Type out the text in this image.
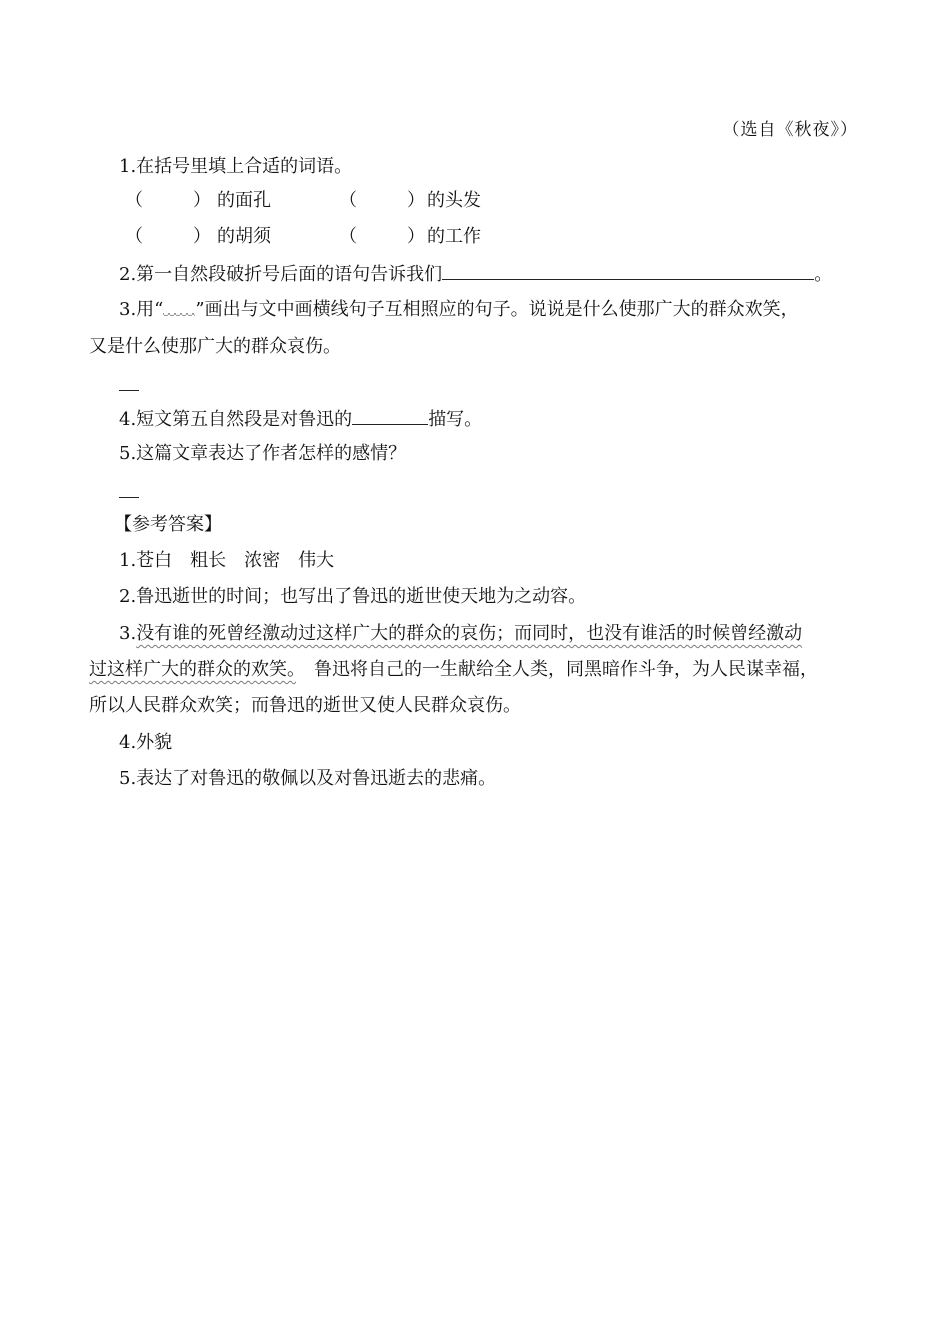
（选自《秋夜》）
1.在括号里填上合适的词语。
（	） 的面孔	（	） 的头发
（	） 的胡须	（	） 的工作
2.第一自然段破折号后面的语句告诉我们	。
3.用“ ”画出与文中画横线句子互相照应的句子。说说是什么使那广大的群众欢笑，
又是什么使那广大的群众哀伤。
4.短文第五自然段是对鲁迅的	描写。
5.这篇文章表达了作者怎样的感情？
【参考答案】
1.苍白　粗长　浓密　伟大
2.鲁迅逝世的时间；也写出了鲁迅的逝世使天地为之动容。
3.没有谁的死曾经激动过这样广大的群众的哀伤；而同时，也没有谁活的时候曾经激动
过这样广大的群众的欢笑。　鲁迅将自己的一生献给全人类，同黑暗作斗争，为人民谋幸福，
所以人民群众欢笑；而鲁迅的逝世又使人民群众哀伤。
4.外貌
5.表达了对鲁迅的敬佩以及对鲁迅逝去的悲痛。
